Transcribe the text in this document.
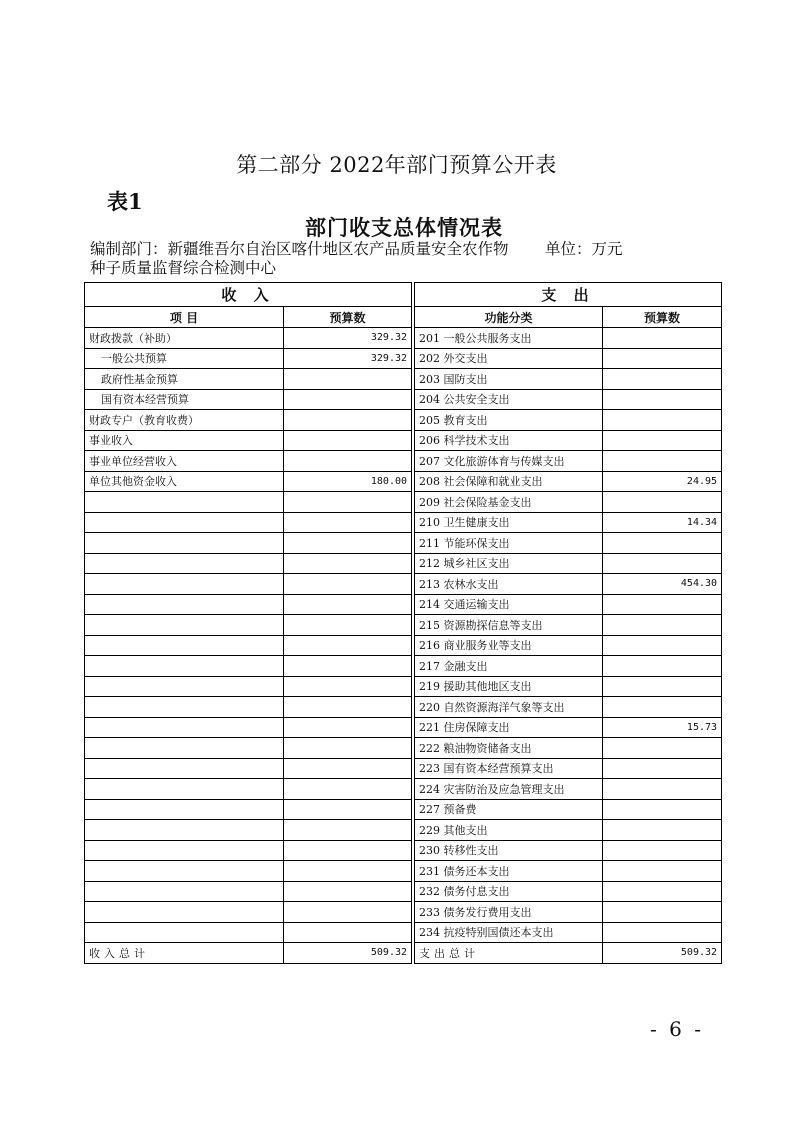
第二部分 2022年部门预算公开表
表1
部门收支总体情况表
编制部门：新疆维吾尔自治区喀什地区农产品质量安全农作物种子质量监督综合检测中心
单位：万元
收 入			支 出	
项 目	预算数		功能分类	预算数
财政拨款（补助）	329.32		201 一般公共服务支出	
一般公共预算	329.32		202 外交支出	
政府性基金预算			203 国防支出	
国有资本经营预算			204 公共安全支出	
财政专户（教育收费）			205 教育支出	
事业收入			206 科学技术支出	
事业单位经营收入			207 文化旅游体育与传媒支出	
单位其他资金收入	180.00		208 社会保障和就业支出	24.95
			209 社会保险基金支出	
			210 卫生健康支出	14.34
			211 节能环保支出	
			212 城乡社区支出	
			213 农林水支出	454.30
			214 交通运输支出	
			215 资源勘探信息等支出	
			216 商业服务业等支出	
			217 金融支出	
			219 援助其他地区支出	
			220 自然资源海洋气象等支出	
			221 住房保障支出	15.73
			222 粮油物资储备支出	
			223 国有资本经营预算支出	
			224 灾害防治及应急管理支出	
			227 预备费	
			229 其他支出	
			230 转移性支出	
			231 债务还本支出	
			232 债务付息支出	
			233 债务发行费用支出	
			234 抗疫特别国债还本支出	
收入总计	509.32		支出总计	509.32
- 6 -
